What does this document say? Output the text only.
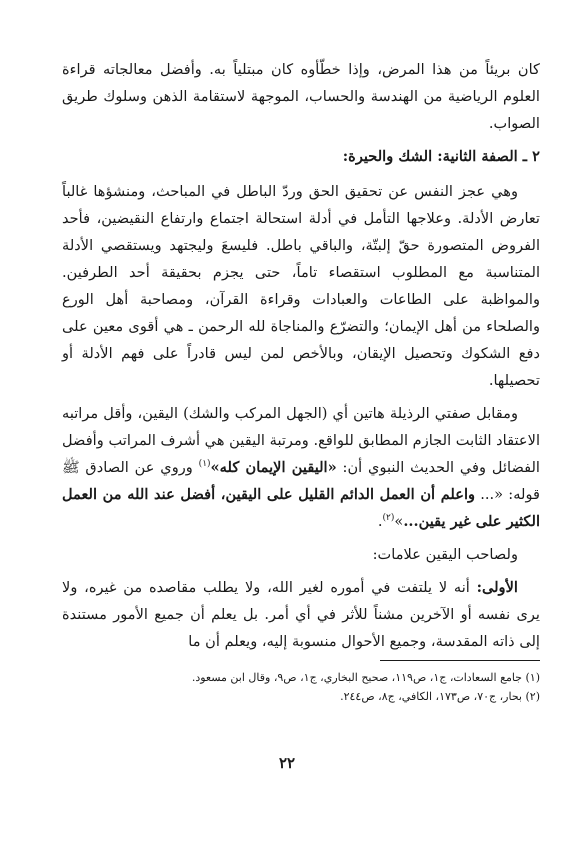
كان بريئاً من هذا المرض، وإذا خطّأوه كان مبتلياً به. وأفضل معالجاته قراءة العلوم الرياضية من الهندسة والحساب، الموجهة لاستقامة الذهن وسلوك طريق الصواب.

٢ ـ الصفة الثانية: الشك والحيرة:

وهي عجز النفس عن تحقيق الحق وردّ الباطل في المباحث، ومنشؤها غالباً تعارض الأدلة. وعلاجها التأمل في أدلة استحالة اجتماع وارتفاع النقيضين، فأحد الفروض المتصورة حقّ إلبتّة، والباقي باطل. فليسعَ وليجتهد ويستقصي الأدلة المتناسبة مع المطلوب استقصاء تاماً، حتى يجزم بحقيقة أحد الطرفين. والمواظبة على الطاعات والعبادات وقراءة القرآن، ومصاحبة أهل الورع والصلحاء من أهل الإيمان؛ والتضرّع والمناجاة لله الرحمن ـ هي أقوى معين على دفع الشكوك وتحصيل الإيقان، وبالأخص لمن ليس قادراً على فهم الأدلة أو تحصيلها.

ومقابل صفتي الرذيلة هاتين أي (الجهل المركب والشك) اليقين، وأقل مراتبه الاعتقاد الثابت الجازم المطابق للواقع. ومرتبة اليقين هي أشرف المراتب وأفضل الفضائل وفي الحديث النبوي أن: «اليقين الإيمان كله»$^{(١)}$ وروي عن الصادق ﷺ قوله: «... واعلم أن العمل الدائم القليل على اليقين، أفضل عند الله من العمل الكثير على غير يقين...»$^{(٢)}$.

ولصاحب اليقين علامات:

الأولى: أنه لا يلتفت في أموره لغير الله، ولا يطلب مقاصده من غيره، ولا يرى نفسه أو الآخرين مشناً للأثر في أي أمر. بل يعلم أن جميع الأمور مستندة إلى ذاته المقدسة، وجميع الأحوال منسوبة إليه، ويعلم أن ما

(١) جامع السعادات، ج١، ص١١٩، صحيح البخاري، ج١، ص٩، وقال ابن مسعود.

(٢) بحار، ج٧٠، ص١٧٣، الكافي، ج٨، ص٢٤٤.

٢٢
